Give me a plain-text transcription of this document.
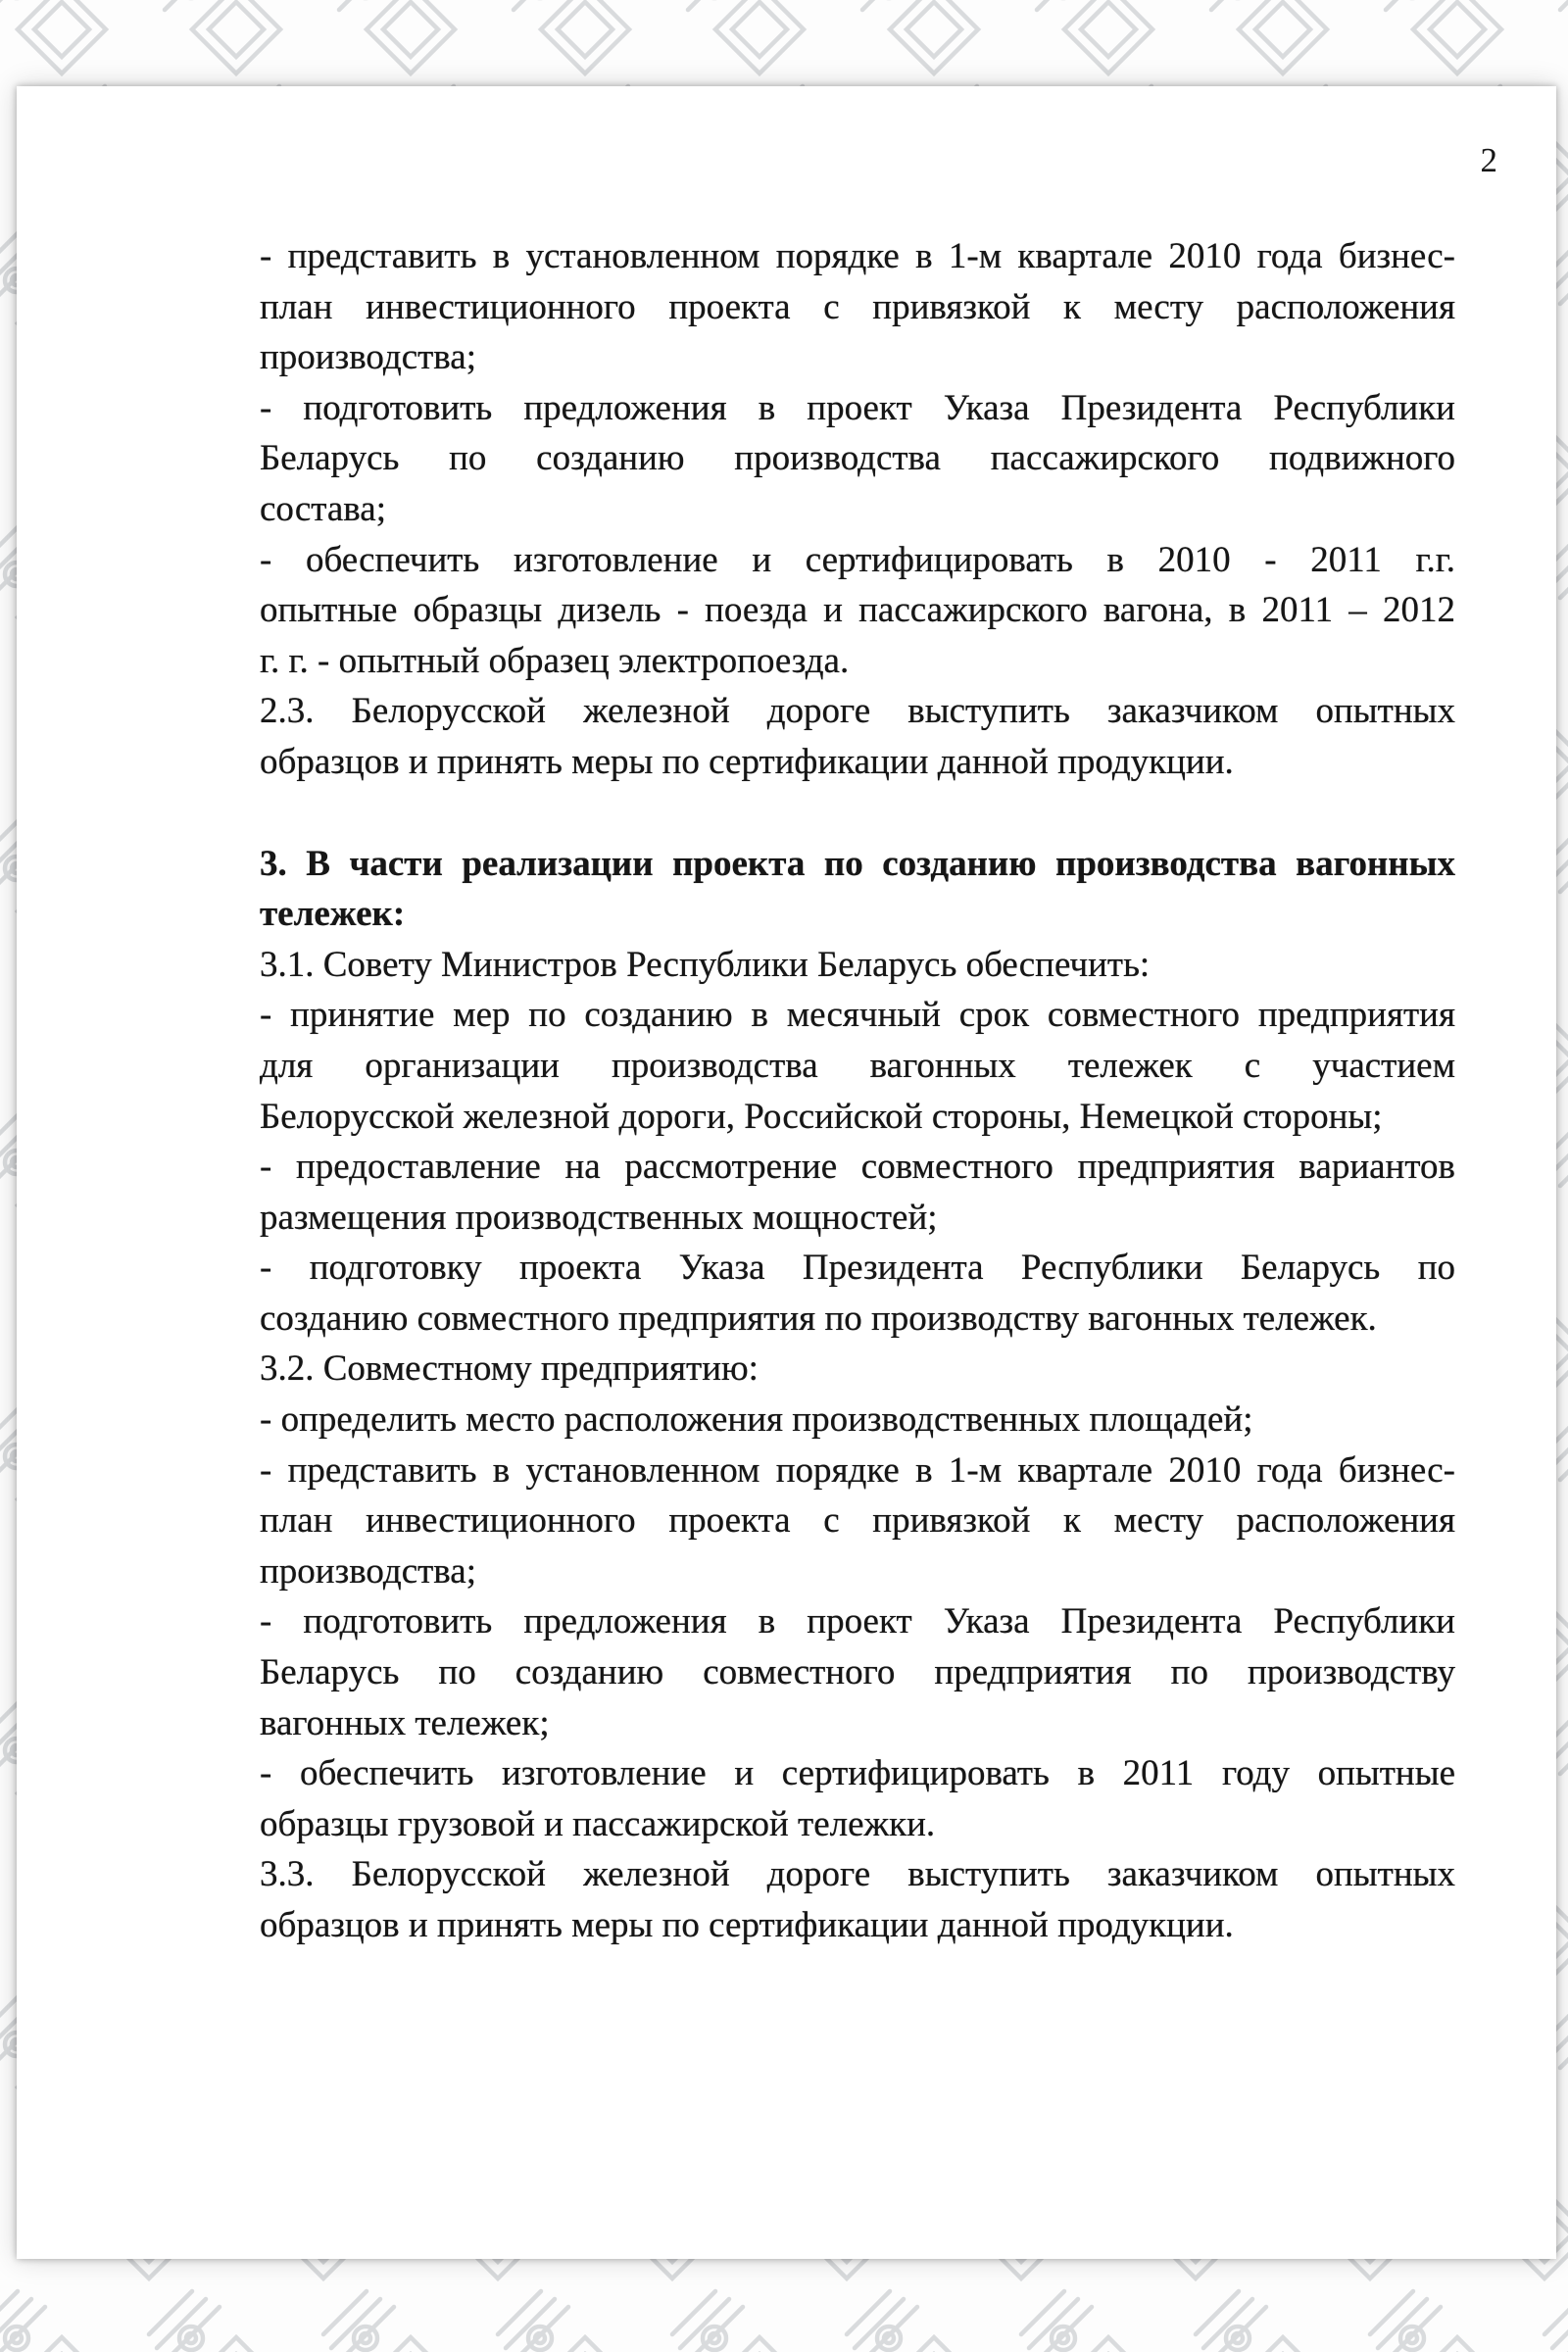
2
- представить в установленном порядке в 1-м квартале 2010 года бизнес-
план инвестиционного проекта с привязкой к месту расположения
производства;
- подготовить предложения в проект Указа Президента Республики
Беларусь по созданию производства пассажирского подвижного
состава;
- обеспечить изготовление и сертифицировать в 2010 - 2011 г.г.
опытные образцы дизель - поезда и пассажирского вагона, в 2011 – 2012
г. г. - опытный образец электропоезда.
2.3. Белорусской железной дороге выступить заказчиком опытных
образцов и принять меры по сертификации данной продукции.
3. В части реализации проекта по созданию производства вагонных
тележек:
3.1. Совету Министров Республики Беларусь обеспечить:
- принятие мер по созданию в месячный срок совместного предприятия
для организации производства вагонных тележек с участием
Белорусской железной дороги, Российской стороны, Немецкой стороны;
- предоставление на рассмотрение совместного предприятия вариантов
размещения производственных мощностей;
- подготовку проекта Указа Президента Республики Беларусь по
созданию совместного предприятия по производству вагонных тележек.
3.2. Совместному предприятию:
- определить место расположения производственных площадей;
- представить в установленном порядке в 1-м квартале 2010 года бизнес-
план инвестиционного проекта с привязкой к месту расположения
производства;
- подготовить предложения в проект Указа Президента Республики
Беларусь по созданию совместного предприятия по производству
вагонных тележек;
- обеспечить изготовление и сертифицировать в 2011 году опытные
образцы грузовой и пассажирской тележки.
3.3. Белорусской железной дороге выступить заказчиком опытных
образцов и принять меры по сертификации данной продукции.
